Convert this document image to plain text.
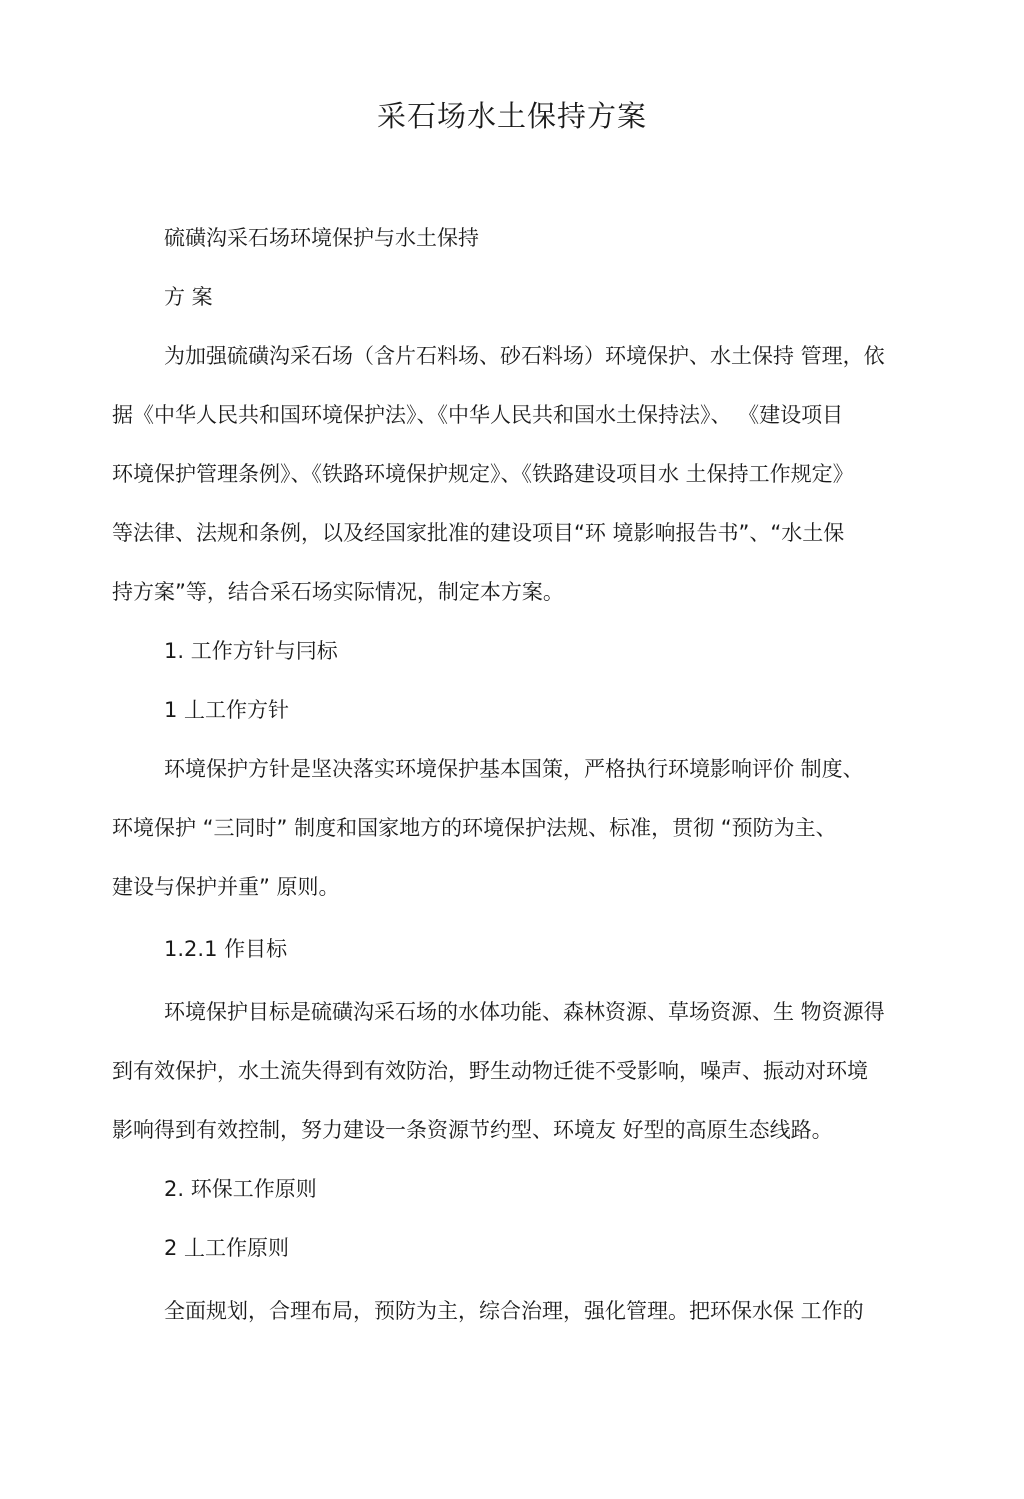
采石场水土保持方案

硫磺沟采石场环境保护与水土保持

方 案

为加强硫磺沟采石场（含片石料场、砂石料场）环境保护、水土保持 管理，依
据《中华人民共和国环境保护法》、《中华人民共和国水土保持法》、 《建设项目
环境保护管理条例》、《铁路环境保护规定》、《铁路建设项目水 土保持工作规定》
等法律、法规和条例，以及经国家批准的建设项目“环 境影响报告书”、“水土保
持方案”等，结合采石场实际情况，制定本方案。

1. 工作方针与冃标

1 丄工作方针

环境保护方针是坚决落实环境保护基本国策，严格执行环境影响评价 制度、
环境保护 “三同时” 制度和国家地方的环境保护法规、标准，贯彻 “预防为主、
建设与保护并重” 原则。

1.2.1 作目标

环境保护目标是硫磺沟采石场的水体功能、森林资源、草场资源、生 物资源得
到有效保护，水土流失得到有效防治，野生动物迁徙不受影响，噪声、振动对环境
影响得到有效控制，努力建设一条资源节约型、环境友 好型的高原生态线路。

2. 环保工作原则

2 丄工作原则

全面规划，合理布局，预防为主，综合治理，强化管理。把环保水保 工作的
